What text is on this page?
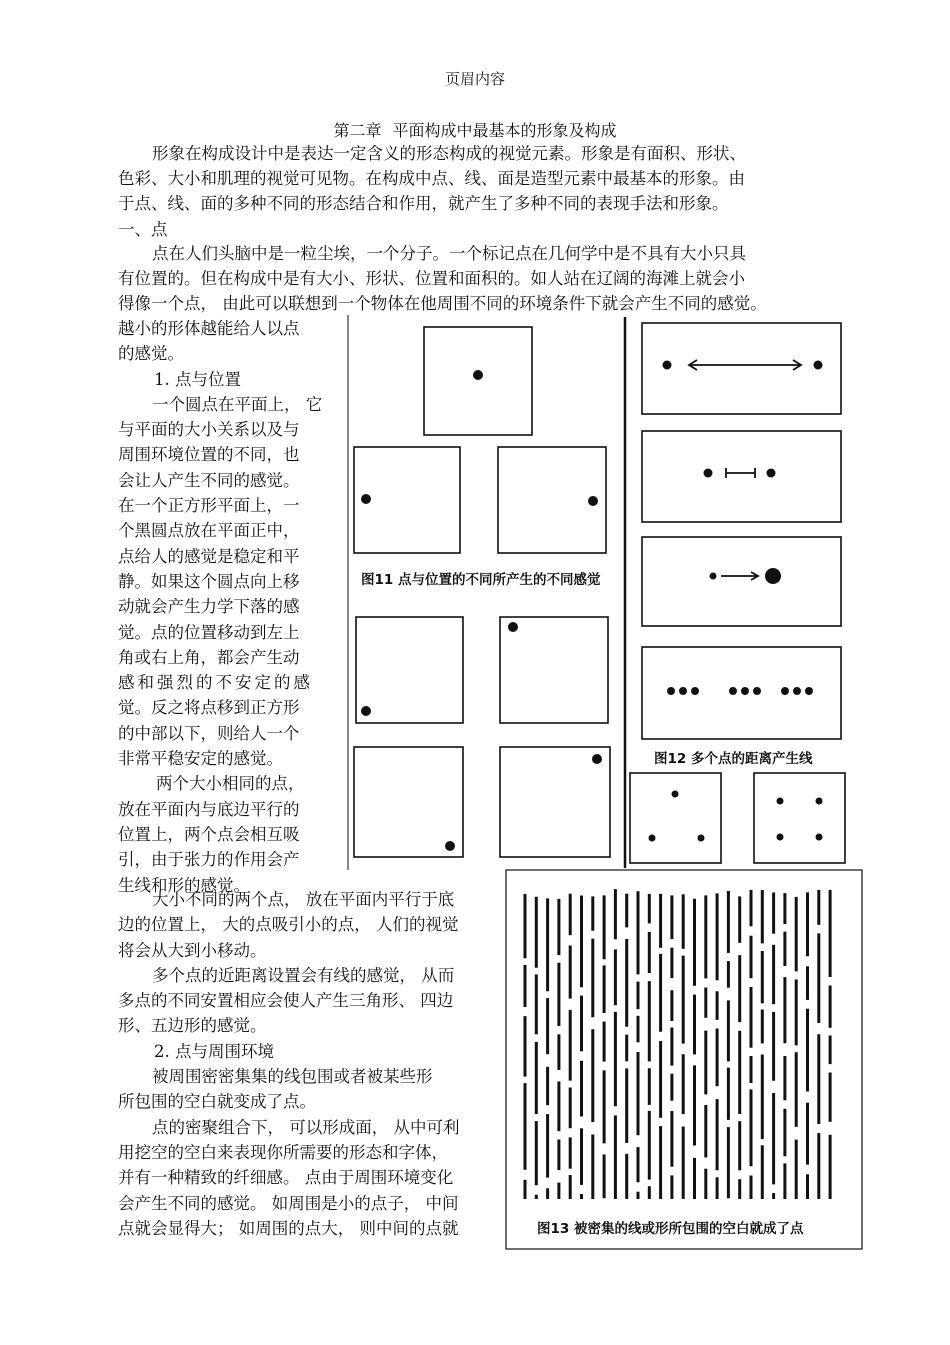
页眉内容
第二章 平面构成中最基本的形象及构成
形象在构成设计中是表达一定含义的形态构成的视觉元素。形象是有面积、形状、
色彩、大小和肌理的视觉可见物。在构成中点、线、面是造型元素中最基本的形象。由
于点、线、面的多种不同的形态结合和作用，就产生了多种不同的表现手法和形象。
一、点
点在人们头脑中是一粒尘埃，一个分子。一个标记点在几何学中是不具有大小只具
有位置的。但在构成中是有大小、形状、位置和面积的。如人站在辽阔的海滩上就会小
得像一个点， 由此可以联想到一个物体在他周围不同的环境条件下就会产生不同的感觉。
越小的形体越能给人以点
的感觉。
1. 点与位置
一个圆点在平面上， 它
与平面的大小关系以及与
周围环境位置的不同，也
会让人产生不同的感觉。
在一个正方形平面上，一
个黑圆点放在平面正中，
点给人的感觉是稳定和平
静。如果这个圆点向上移
动就会产生力学下落的感
觉。点的位置移动到左上
角或右上角，都会产生动
感和强烈的不安定的感
觉。反之将点移到正方形
的中部以下，则给人一个
非常平稳安定的感觉。
两个大小相同的点，
放在平面内与底边平行的
位置上，两个点会相互吸
引，由于张力的作用会产
生线和形的感觉。
大小不同的两个点， 放在平面内平行于底
边的位置上， 大的点吸引小的点， 人们的视觉
将会从大到小移动。
多个点的近距离设置会有线的感觉， 从而
多点的不同安置相应会使人产生三角形、 四边
形、五边形的感觉。
2. 点与周围环境
被周围密密集集的线包围或者被某些形
所包围的空白就变成了点。
点的密聚组合下， 可以形成面， 从中可利
用挖空的空白来表现你所需要的形态和字体，
并有一种精致的纤细感。 点由于周围环境变化
会产生不同的感觉。 如周围是小的点子， 中间
点就会显得大； 如周围的点大， 则中间的点就
图11 点与位置的不同所产生的不同感觉
图12 多个点的距离产生线
图13 被密集的线或形所包围的空白就成了点
